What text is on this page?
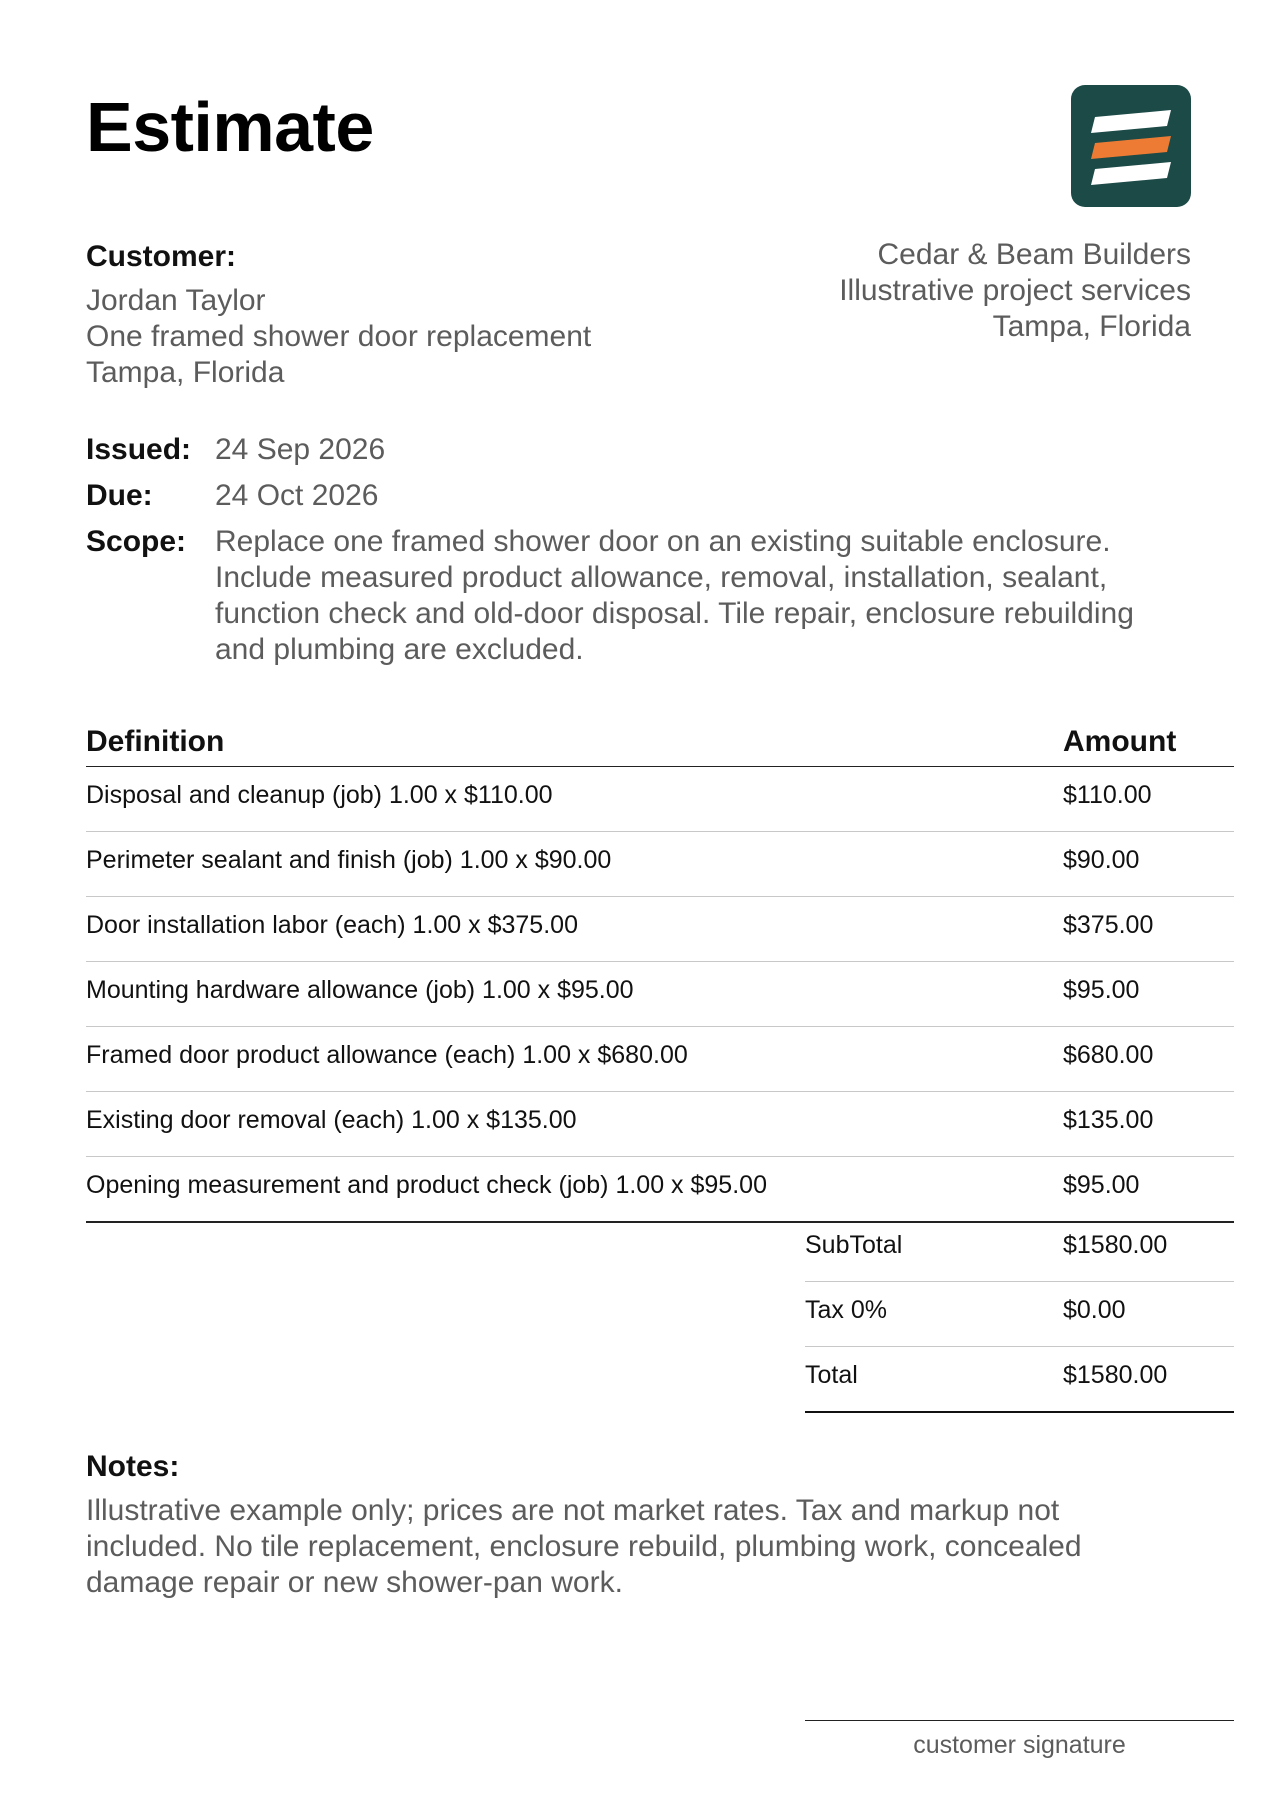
Estimate
Customer:
Jordan Taylor
One framed shower door replacement
Tampa, Florida
Cedar & Beam Builders
Illustrative project services
Tampa, Florida
Issued: 24 Sep 2026
Due:	24 Oct 2026
Scope: Replace one framed shower door on an existing suitable enclosure.
Include measured product allowance, removal, installation, sealant,
function check and old-door disposal. Tile repair, enclosure rebuilding
and plumbing are excluded.
Definition	Amount
Disposal and cleanup (job) 1.00 x $110.00	$110.00
Perimeter sealant and finish (job) 1.00 x $90.00	$90.00
Door installation labor (each) 1.00 x $375.00	$375.00
Mounting hardware allowance (job) 1.00 x $95.00	$95.00
Framed door product allowance (each) 1.00 x $680.00	$680.00
Existing door removal (each) 1.00 x $135.00	$135.00
Opening measurement and product check (job) 1.00 x $95.00	$95.00
SubTotal	$1580.00
Tax 0%	$0.00
Total	$1580.00
Notes:
Illustrative example only; prices are not market rates. Tax and markup not
included. No tile replacement, enclosure rebuild, plumbing work, concealed
damage repair or new shower-pan work.
customer signature
